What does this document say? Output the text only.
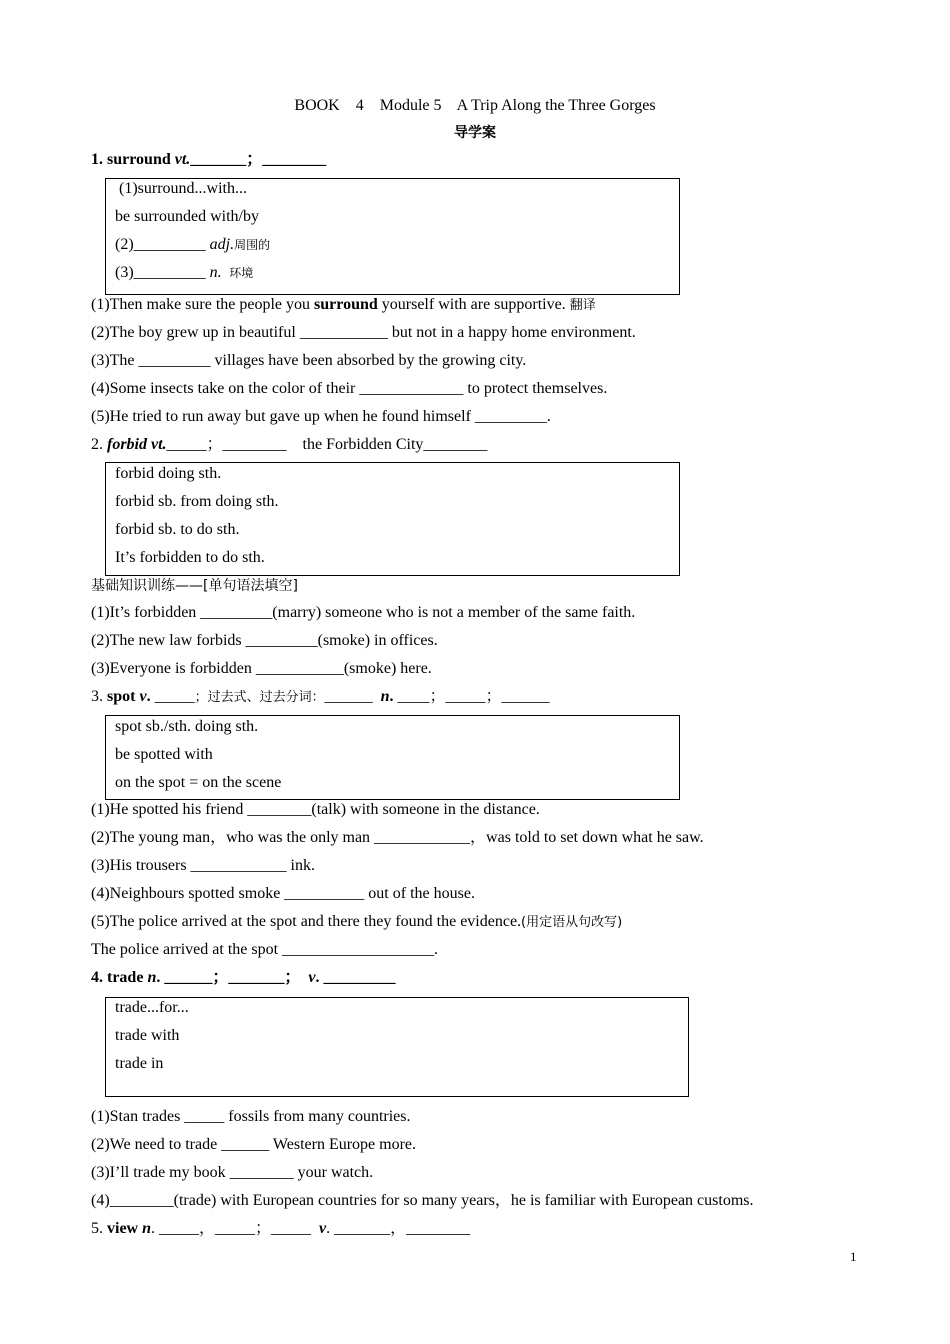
BOOK    4    Module 5    A Trip Along the Three Gorges
导学案
1. surround vt._______；________
(1)surround...with...
be surrounded with/by
(2)_________ adj.周围的
(3)_________ n.  环境
(1)Then make sure the people you surround yourself with are supportive. 翻译
(2)The boy grew up in beautiful ___________ but not in a happy home environment.
(3)The _________ villages have been absorbed by the growing city.
(4)Some insects take on the color of their _____________ to protect themselves.
(5)He tried to run away but gave up when he found himself _________.
2. forbid vt._____；________    the Forbidden City________
forbid doing sth.
forbid sb. from doing sth.
forbid sb. to do sth.
It’s forbidden to do sth.
基础知识训练——[单句语法填空]
(1)It’s forbidden _________(marry) someone who is not a member of the same faith.
(2)The new law forbids _________(smoke) in offices.
(3)Everyone is forbidden ___________(smoke) here.
3. spot v. _____；过去式、过去分词：______  n. ____；_____；______
spot sb./sth. doing sth.
be spotted with
on the spot = on the scene
(1)He spotted his friend ________(talk) with someone in the distance.
(2)The young man，who was the only man ____________，was told to set down what he saw.
(3)His trousers ____________ ink.
(4)Neighbours spotted smoke __________ out of the house.
(5)The police arrived at the spot and there they found the evidence.(用定语从句改写)
The police arrived at the spot ___________________.
4. trade n. ______；_______；  v. _________
trade...for...
trade with
trade in
(1)Stan trades _____ fossils from many countries.
(2)We need to trade ______ Western Europe more.
(3)I’ll trade my book ________ your watch.
(4)________(trade) with European countries for so many years，he is familiar with European customs.
5. view n. _____，_____；_____  v. _______，________
1
